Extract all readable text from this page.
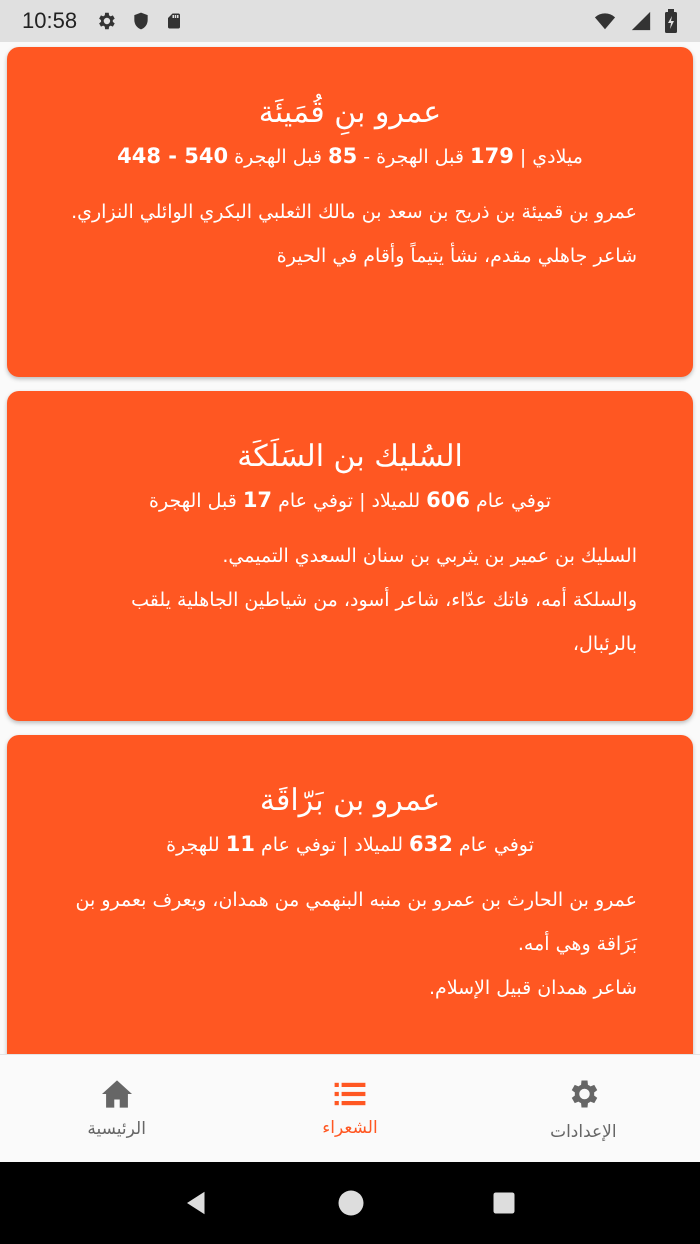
10:58
عمرو بنِ قُمَيئَة
ميلادي | 179 قبل الهجرة - 85 قبل الهجرة 540 - 448
عمرو بن قميئة بن ذريح بن سعد بن مالك الثعلبي البكري الوائلي النزاري.
شاعر جاهلي مقدم، نشأ يتيماً وأقام في الحيرة
السُليك بن السَلَكَة
توفي عام 606 للميلاد | توفي عام 17 قبل الهجرة
السليك بن عمير بن يثربي بن سنان السعدي التميمي.
والسلكة أمه، فاتك عدّاء، شاعر أسود، من شياطين الجاهلية يلقب بالرئبال،
عمرو بن بَرّاقَة
توفي عام 632 للميلاد | توفي عام 11 للهجرة
عمرو بن الحارث بن عمرو بن منبه البنهمي من همدان، ويعرف بعمرو بن بَرَاقة وهي أمه.
شاعر همدان قبيل الإسلام.
الرئيسية	الشعراء	الإعدادات
